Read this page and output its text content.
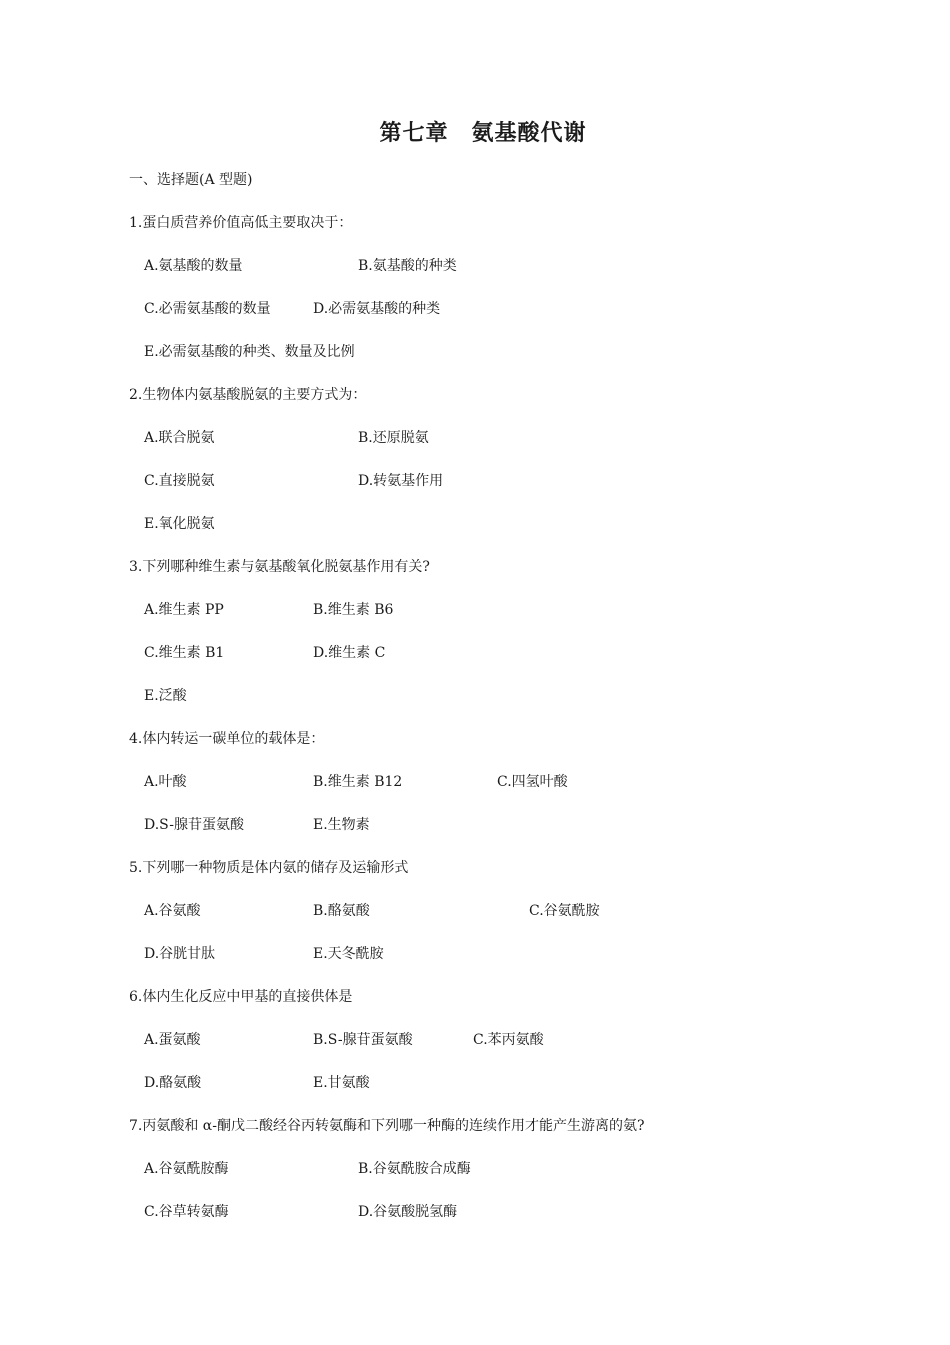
第七章　氨基酸代谢
一、选择题(A 型题)
1.蛋白质营养价值高低主要取决于：
A.氨基酸的数量	B.氨基酸的种类
C.必需氨基酸的数量	D.必需氨基酸的种类
E.必需氨基酸的种类、数量及比例
2.生物体内氨基酸脱氨的主要方式为：
A.联合脱氨	B.还原脱氨
C.直接脱氨	D.转氨基作用
E.氧化脱氨
3.下列哪种维生素与氨基酸氧化脱氨基作用有关?
A.维生素 PP	B.维生素 B6
C.维生素 B1	D.维生素 C
E.泛酸
4.体内转运一碳单位的载体是：
A.叶酸	B.维生素 B12	C.四氢叶酸
D.S-腺苷蛋氨酸	E.生物素
5.下列哪一种物质是体内氨的储存及运输形式
A.谷氨酸	B.酪氨酸	C.谷氨酰胺
D.谷胱甘肽	E.天冬酰胺
6.体内生化反应中甲基的直接供体是
A.蛋氨酸	B.S-腺苷蛋氨酸	C.苯丙氨酸
D.酪氨酸	E.甘氨酸
7.丙氨酸和 α-酮戊二酸经谷丙转氨酶和下列哪一种酶的连续作用才能产生游离的氨?
A.谷氨酰胺酶	B.谷氨酰胺合成酶
C.谷草转氨酶	D.谷氨酸脱氢酶
